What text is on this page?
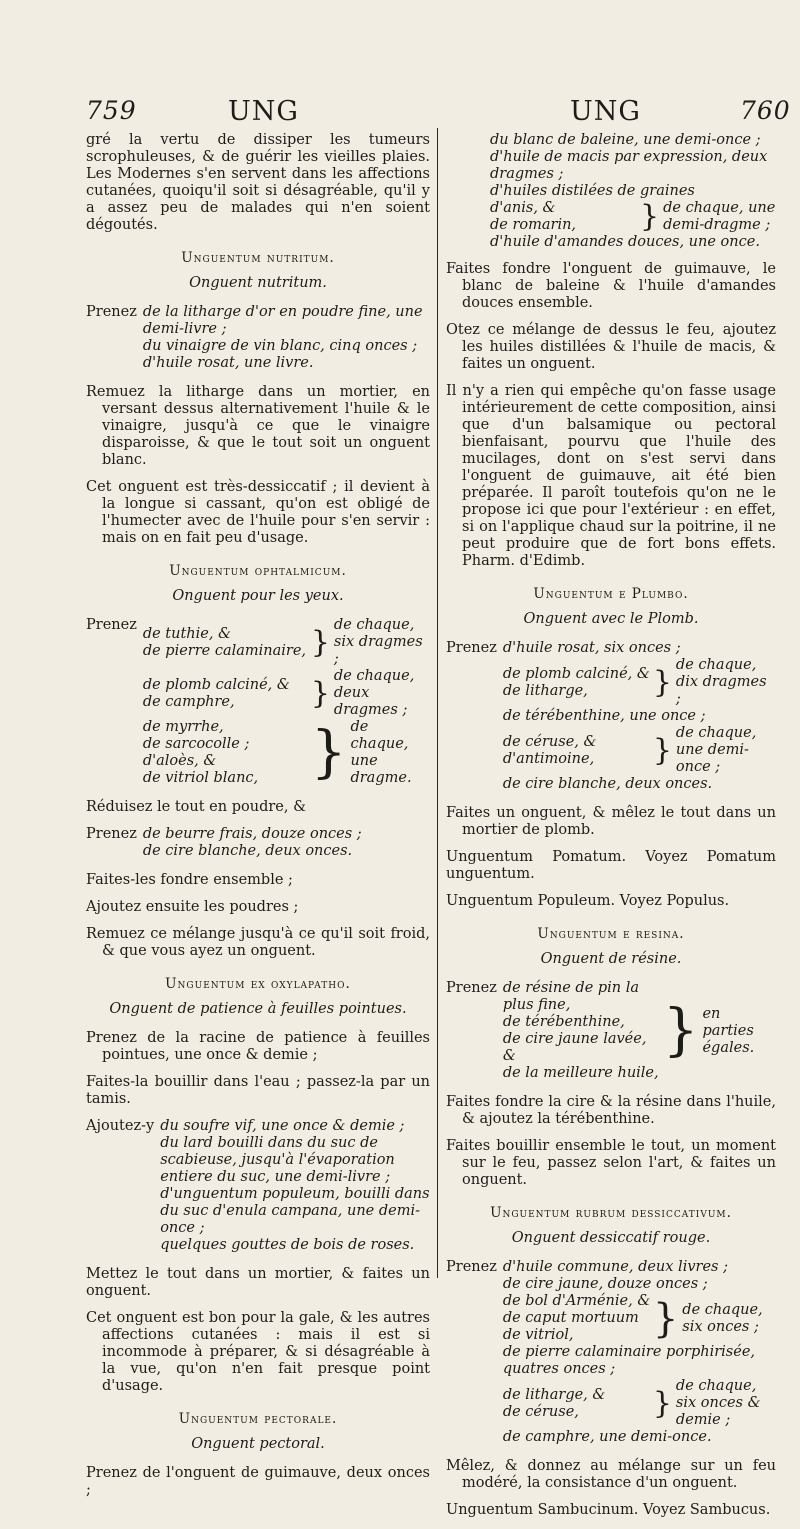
759	UNG	UNG	760

gré la vertu de dissiper les tumeurs scrophuleuses, & de guérir les vieilles plaies. Les Modernes s'en servent dans les affections cutanées, quoiqu'il soit si désagréable, qu'il y a assez peu de malades qui n'en soient dégoutés.

Unguentum nutritum.
Onguent nutritum.
Prenez de la litharge d'or en poudre fine, une demi-livre ;
du vinaigre de vin blanc, cinq onces ;
d'huile rosat, une livre.

Remuez la litharge dans un mortier, en versant dessus alternativement l'huile & le vinaigre, jusqu'à ce que le vinaigre disparoisse, & que le tout soit un onguent blanc.

Cet onguent est très-dessiccatif ; il devient à la longue si cassant, qu'on est obligé de l'humecter avec de l'huile pour s'en servir : mais on en fait peu d'usage.

Unguentum ophtalmicum.
Onguent pour les yeux.
Prenez
de tuthie, &
de pierre calaminaire, } de chaque, six dragmes ;
de plomb calciné, &
de camphre,	} de chaque, deux dragmes ;
de myrrhe,
de sarcocolle ;
d'aloès, &
de vitriol blanc, } de chaque, une dragme.

Réduisez le tout en poudre, &

Prenez de beurre frais, douze onces ;
de cire blanche, deux onces.

Faites-les fondre ensemble ;

Ajoutez ensuite les poudres ;

Remuez ce mélange jusqu'à ce qu'il soit froid, & que vous ayez un onguent.

Unguentum ex oxylapatho.
Onguent de patience à feuilles pointues.

Prenez de la racine de patience à feuilles pointues, une once & demie ;

Faites-la bouillir dans l'eau ; passez-la par un tamis.

Ajoutez-y du soufre vif, une once & demie ;
du lard bouilli dans du suc de scabieuse, jusqu'à l'évaporation entiere du suc, une demi-livre ;
d'unguentum populeum, bouilli dans du suc d'enula campana, une demi-once ;
quelques gouttes de bois de roses.

Mettez le tout dans un mortier, & faites un onguent.

Cet onguent est bon pour la gale, & les autres affections cutanées : mais il est si incommode à préparer, & si désagréable à la vue, qu'on n'en fait presque point d'usage.

Unguentum pectorale.
Onguent pectoral.

Prenez de l'onguent de guimauve, deux onces ;

du blanc de baleine, une demi-once ;
d'huile de macis par expression, deux dragmes ;
d'huiles distilées de graines
d'anis, &
de romarin,	} de chaque, une demi-dragme ;
d'huile d'amandes douces, une once.

Faites fondre l'onguent de guimauve, le blanc de baleine & l'huile d'amandes douces ensemble.

Otez ce mélange de dessus le feu, ajoutez les huiles distillées & l'huile de macis, & faites un onguent.

Il n'y a rien qui empêche qu'on fasse usage intérieurement de cette composition, ainsi que d'un balsamique ou pectoral bienfaisant, pourvu que l'huile des mucilages, dont on s'est servi dans l'onguent de guimauve, ait été bien préparée. Il paroît toutefois qu'on ne le propose ici que pour l'extérieur : en effet, si on l'applique chaud sur la poitrine, il ne peut produire que de fort bons effets. Pharm. d'Edimb.

Unguentum e Plumbo.
Onguent avec le Plomb.
Prenez d'huile rosat, six onces ;
de plomb calciné, &
de litharge,	} de chaque, dix dragmes ;
de térébenthine, une once ;
de céruse, &
d'antimoine,	} de chaque, une demi-once ;
de cire blanche, deux onces.

Faites un onguent, & mêlez le tout dans un mortier de plomb.

Unguentum Pomatum. Voyez Pomatum unguentum.

Unguentum Populeum. Voyez Populus.

Unguentum e resina.
Onguent de résine.
Prenez de résine de pin la plus fine,
de térébenthine,
de cire jaune lavée, &
de la meilleure huile,
} en parties égales.

Faites fondre la cire & la résine dans l'huile, & ajoutez la térébenthine.

Faites bouillir ensemble le tout, un moment sur le feu, passez selon l'art, & faites un onguent.

Unguentum rubrum dessiccativum.
Onguent dessiccatif rouge.
Prenez d'huile commune, deux livres ;
de cire jaune, douze onces ;
de bol d'Arménie, &
de caput mortuum de vitriol,	} de chaque, six onces ;
de pierre calaminaire porphirisée, quatres onces ;
de litharge, &
de céruse,	} de chaque, six onces & demie ;
de camphre, une demi-once.

Mêlez, & donnez au mélange sur un feu modéré, la consistance d'un onguent.

Unguentum Sambucinum. Voyez Sambucus.
